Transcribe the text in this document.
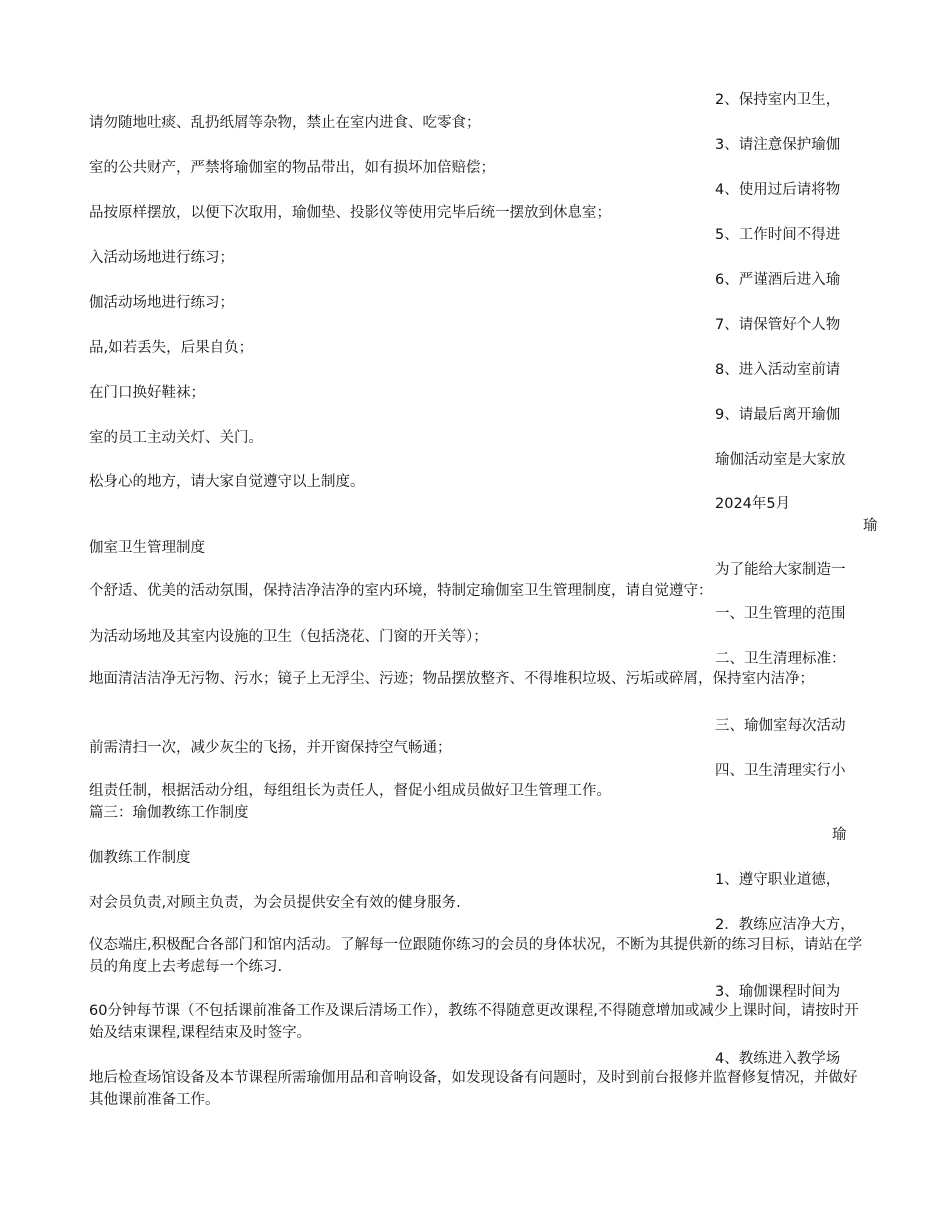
2、保持室内卫生，
请勿随地吐痰、乱扔纸屑等杂物，禁止在室内进食、吃零食；
3、请注意保护瑜伽
室的公共财产，严禁将瑜伽室的物品带出，如有损坏加倍赔偿；
4、使用过后请将物
品按原样摆放，以便下次取用，瑜伽垫、投影仪等使用完毕后统一摆放到休息室；
5、工作时间不得进
入活动场地进行练习；
6、严谨酒后进入瑜
伽活动场地进行练习；
7、请保管好个人物
品,如若丢失，后果自负；
8、进入活动室前请
在门口换好鞋袜；
9、请最后离开瑜伽
室的员工主动关灯、关门。
瑜伽活动室是大家放
松身心的地方，请大家自觉遵守以上制度。
2024年5月
瑜
伽室卫生管理制度
为了能给大家制造一
个舒适、优美的活动氛围，保持洁净洁净的室内环境，特制定瑜伽室卫生管理制度，请自觉遵守：
一、卫生管理的范围
为活动场地及其室内设施的卫生（包括浇花、门窗的开关等）；
二、卫生清理标准：
地面清洁洁净无污物、污水；镜子上无浮尘、污迹；物品摆放整齐、不得堆积垃圾、污垢或碎屑，保持室内洁净；
三、瑜伽室每次活动
前需清扫一次，减少灰尘的飞扬，并开窗保持空气畅通；
四、卫生清理实行小
组责任制，根据活动分组，每组组长为责任人，督促小组成员做好卫生管理工作。
篇三：瑜伽教练工作制度
瑜
伽教练工作制度
1、遵守职业道德，
对会员负责,对顾主负责，为会员提供安全有效的健身服务.
2．教练应洁净大方，
仪态端庄,积极配合各部门和馆内活动。了解每一位跟随你练习的会员的身体状况，不断为其提供新的练习目标，请站在学员的角度上去考虑每一个练习.
3、瑜伽课程时间为
60分钟每节课（不包括课前准备工作及课后清场工作），教练不得随意更改课程,不得随意增加或减少上课时间，请按时开始及结束课程,课程结束及时签字。
4、教练进入教学场
地后检查场馆设备及本节课程所需瑜伽用品和音响设备，如发现设备有问题时，及时到前台报修并监督修复情况，并做好其他课前准备工作。
